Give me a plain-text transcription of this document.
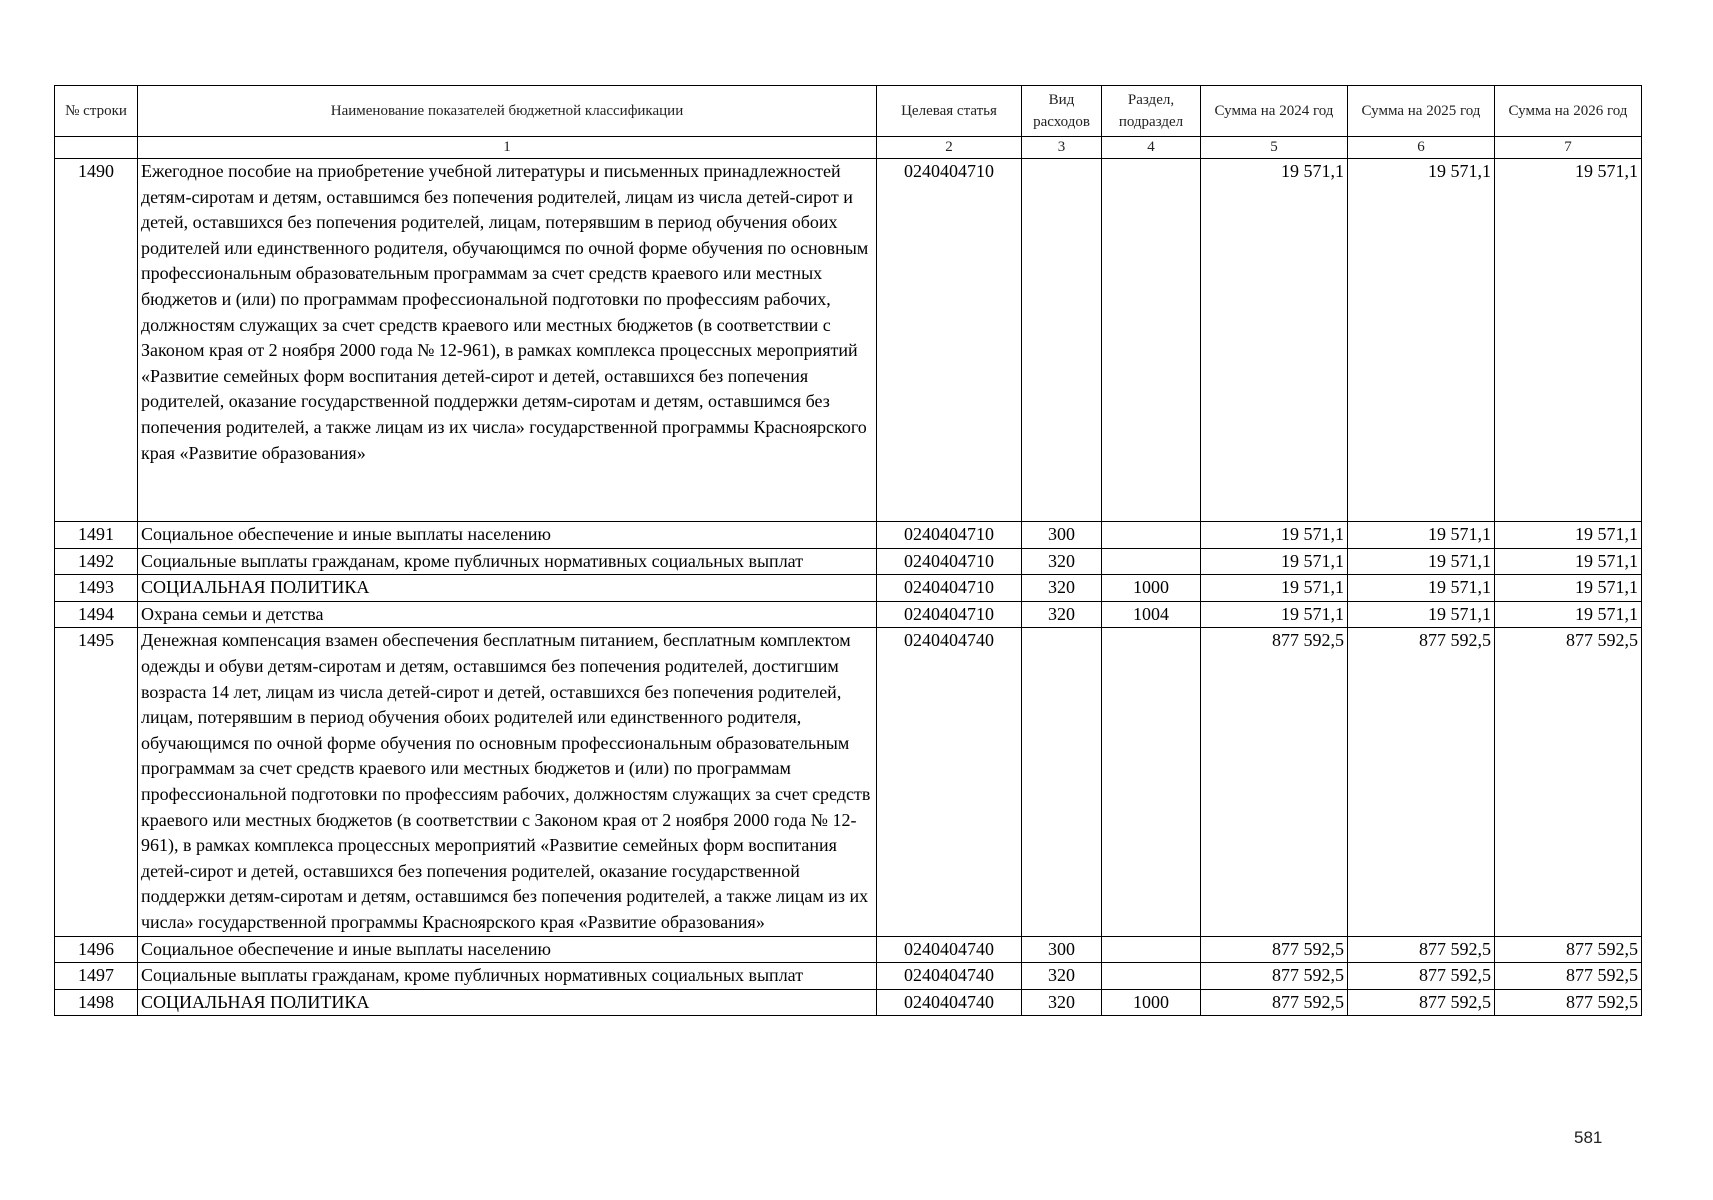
№ строки	Наименование показателей бюджетной классификации	Целевая статья	Вид расходов	Раздел, подраздел	Сумма на 2024 год	Сумма на 2025 год	Сумма на 2026 год
	1	2	3	4	5	6	7
1490	Ежегодное пособие на приобретение учебной литературы и письменных принадлежностей детям-сиротам и детям, оставшимся без попечения родителей, лицам из числа детей-сирот и детей, оставшихся без попечения родителей, лицам, потерявшим в период обучения обоих родителей или единственного родителя, обучающимся по очной форме обучения по основным профессиональным образовательным программам за счет средств краевого или местных бюджетов и (или) по программам профессиональной подготовки по профессиям рабочих, должностям служащих за счет средств краевого или местных бюджетов (в соответствии с Законом края от 2 ноября 2000 года № 12-961), в рамках комплекса процессных мероприятий «Развитие семейных форм воспитания детей-сирот и детей, оставшихся без попечения родителей, оказание государственной поддержки детям-сиротам и детям, оставшимся без попечения родителей, а также лицам из их числа» государственной программы Красноярского края «Развитие образования»	0240404710			19 571,1	19 571,1	19 571,1
1491	Социальное обеспечение и иные выплаты населению	0240404710	300		19 571,1	19 571,1	19 571,1
1492	Социальные выплаты гражданам, кроме публичных нормативных социальных выплат	0240404710	320		19 571,1	19 571,1	19 571,1
1493	СОЦИАЛЬНАЯ ПОЛИТИКА	0240404710	320	1000	19 571,1	19 571,1	19 571,1
1494	Охрана семьи и детства	0240404710	320	1004	19 571,1	19 571,1	19 571,1
1495	Денежная компенсация взамен обеспечения бесплатным питанием, бесплатным комплектом одежды и обуви детям-сиротам и детям, оставшимся без попечения родителей, достигшим возраста 14 лет, лицам из числа детей-сирот и детей, оставшихся без попечения родителей, лицам, потерявшим в период обучения обоих родителей или единственного родителя, обучающимся по очной форме обучения по основным профессиональным образовательным программам за счет средств краевого или местных бюджетов и (или) по программам профессиональной подготовки по профессиям рабочих, должностям служащих за счет средств краевого или местных бюджетов (в соответствии с Законом края от 2 ноября 2000 года № 12-961), в рамках комплекса процессных мероприятий «Развитие семейных форм воспитания детей-сирот и детей, оставшихся без попечения родителей, оказание государственной поддержки детям-сиротам и детям, оставшимся без попечения родителей, а также лицам из их числа» государственной программы Красноярского края «Развитие образования»	0240404740			877 592,5	877 592,5	877 592,5
1496	Социальное обеспечение и иные выплаты населению	0240404740	300		877 592,5	877 592,5	877 592,5
1497	Социальные выплаты гражданам, кроме публичных нормативных социальных выплат	0240404740	320		877 592,5	877 592,5	877 592,5
1498	СОЦИАЛЬНАЯ ПОЛИТИКА	0240404740	320	1000	877 592,5	877 592,5	877 592,5
581
